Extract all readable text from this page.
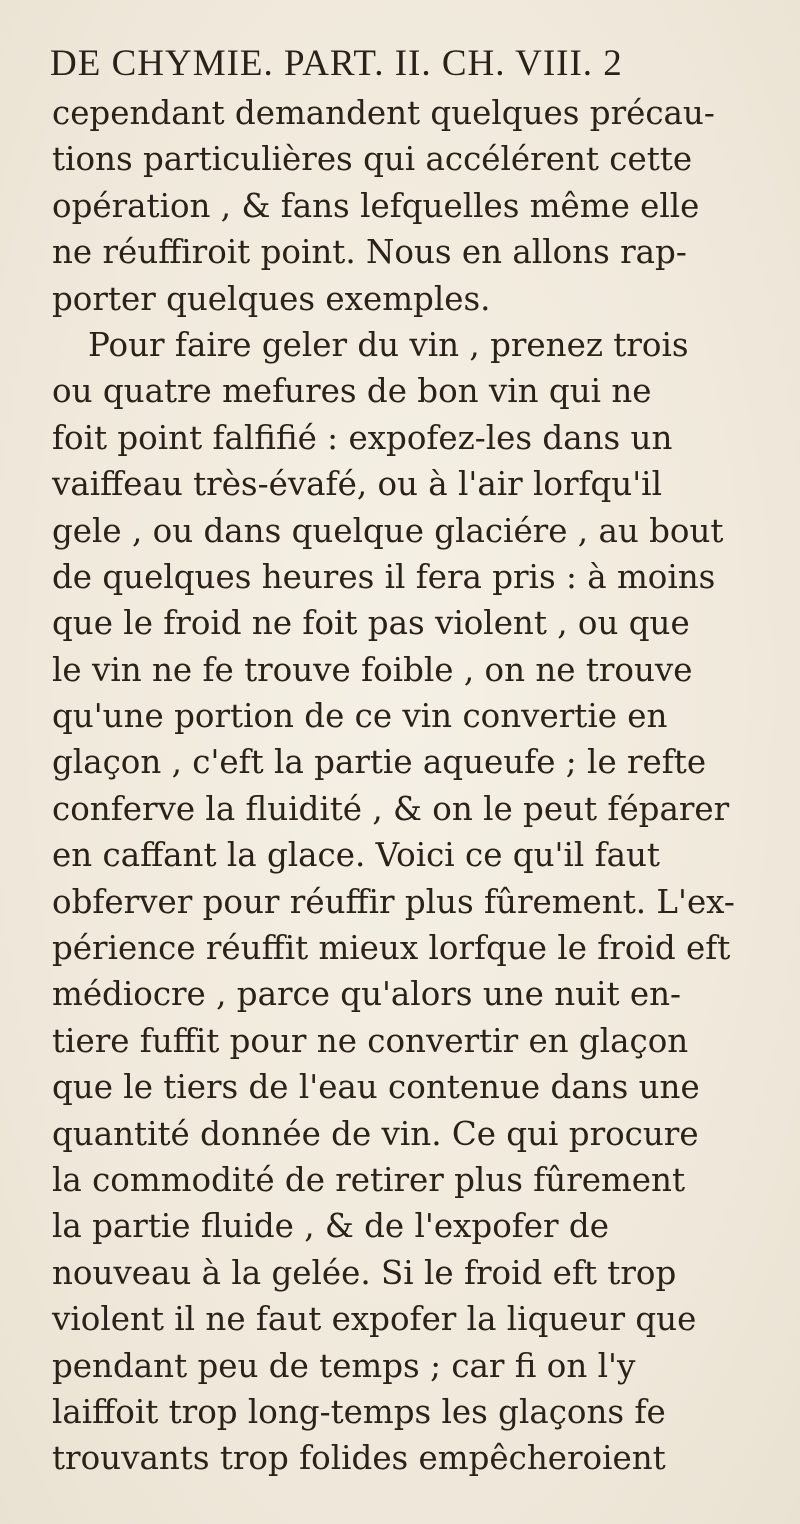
DE CHYMIE. PART. II. CH. VIII. 2
cependant demandent quelques précau-
tions particulières qui accélérent cette
opération , & fans lefquelles même elle
ne réuffiroit point. Nous en allons rap-
porter quelques exemples.
Pour faire geler du vin , prenez trois
ou quatre mefures de bon vin qui ne
foit point falfifié : expofez-les dans un
vaiffeau très-évafé, ou à l'air lorfqu'il
gele , ou dans quelque glaciére , au bout
de quelques heures il fera pris : à moins
que le froid ne foit pas violent , ou que
le vin ne fe trouve foible , on ne trouve
qu'une portion de ce vin convertie en
glaçon , c'eft la partie aqueufe ; le refte
conferve la fluidité , & on le peut féparer
en caffant la glace. Voici ce qu'il faut
obferver pour réuffir plus fûrement. L'ex-
périence réuffit mieux lorfque le froid eft
médiocre , parce qu'alors une nuit en-
tiere fuffit pour ne convertir en glaçon
que le tiers de l'eau contenue dans une
quantité donnée de vin. Ce qui procure
la commodité de retirer plus fûrement
la partie fluide , & de l'expofer de
nouveau à la gelée. Si le froid eft trop
violent il ne faut expofer la liqueur que
pendant peu de temps ; car fi on l'y
laiffoit trop long-temps les glaçons fe
trouvants trop folides empêcheroient
